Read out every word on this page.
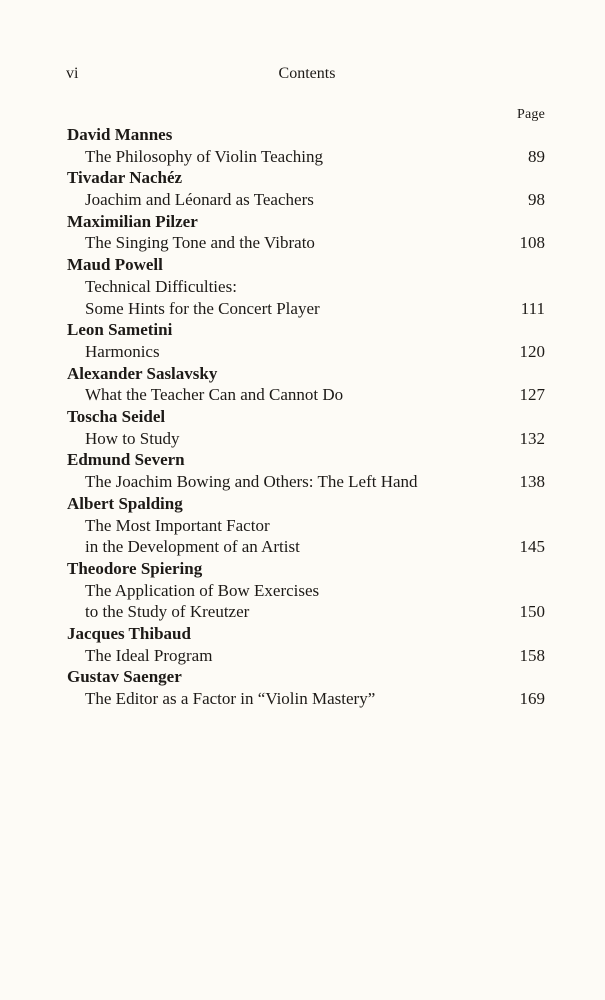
vi	Contents
Page
David Mannes
The Philosophy of Violin Teaching	89
Tivadar Nachéz
Joachim and Léonard as Teachers	98
Maximilian Pilzer
The Singing Tone and the Vibrato	108
Maud Powell
Technical Difficulties:
Some Hints for the Concert Player	111
Leon Sametini
Harmonics	120
Alexander Saslavsky
What the Teacher Can and Cannot Do	127
Toscha Seidel
How to Study	132
Edmund Severn
The Joachim Bowing and Others: The Left Hand	138
Albert Spalding
The Most Important Factor
in the Development of an Artist	145
Theodore Spiering
The Application of Bow Exercises
to the Study of Kreutzer	150
Jacques Thibaud
The Ideal Program	158
Gustav Saenger
The Editor as a Factor in “Violin Mastery”	169
